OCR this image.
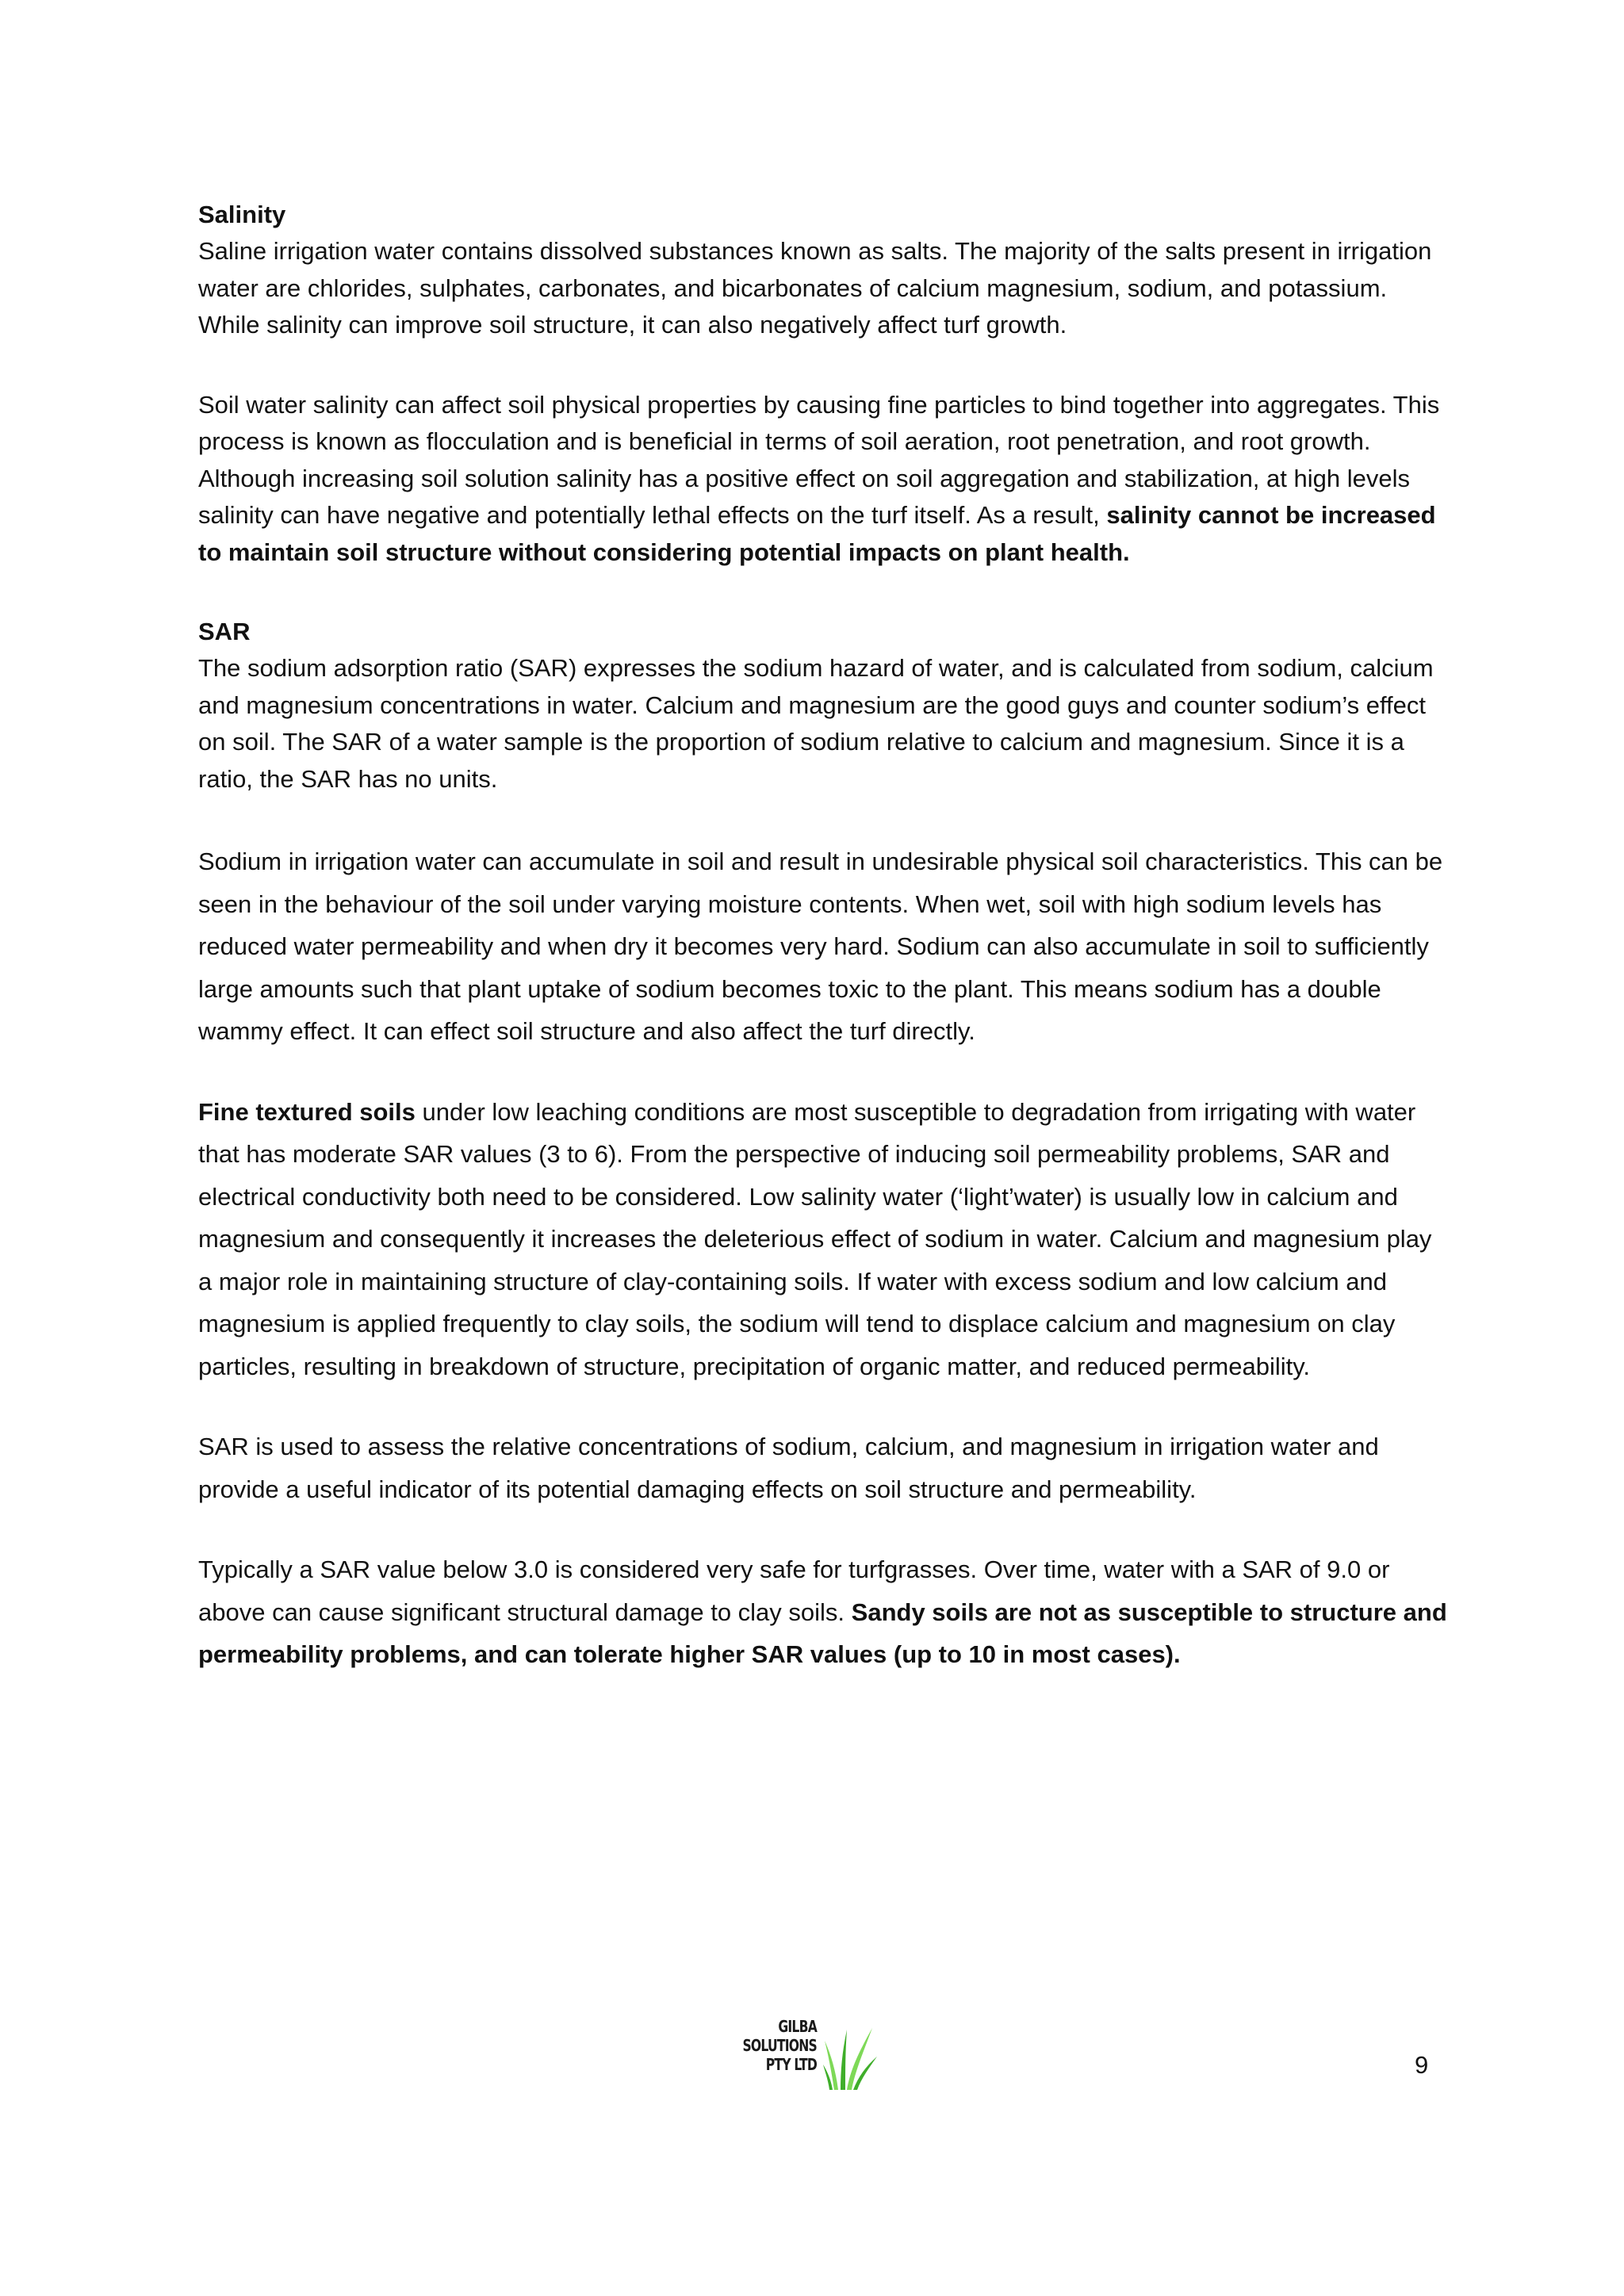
Salinity

Saline irrigation water contains dissolved substances known as salts. The majority of the salts present in irrigation water are chlorides, sulphates, carbonates, and bicarbonates of calcium magnesium, sodium, and potassium. While salinity can improve soil structure, it can also negatively affect turf growth.

Soil water salinity can affect soil physical properties by causing fine particles to bind together into aggregates. This process is known as flocculation and is beneficial in terms of soil aeration, root penetration, and root growth. Although increasing soil solution salinity has a positive effect on soil aggregation and stabilization, at high levels salinity can have negative and potentially lethal effects on the turf itself. As a result, salinity cannot be increased to maintain soil structure without considering potential impacts on plant health.

SAR

The sodium adsorption ratio (SAR) expresses the sodium hazard of water, and is calculated from sodium, calcium and magnesium concentrations in water. Calcium and magnesium are the good guys and counter sodium’s effect on soil. The SAR of a water sample is the proportion of sodium relative to calcium and magnesium. Since it is a ratio, the SAR has no units.

Sodium in irrigation water can accumulate in soil and result in undesirable physical soil characteristics. This can be seen in the behaviour of the soil under varying moisture contents. When wet, soil with high sodium levels has reduced water permeability and when dry it becomes very hard. Sodium can also accumulate in soil to sufficiently large amounts such that plant uptake of sodium becomes toxic to the plant. This means sodium has a double wammy effect. It can effect soil structure and also affect the turf directly.

Fine textured soils under low leaching conditions are most susceptible to degradation from irrigating with water that has moderate SAR values (3 to 6). From the perspective of inducing soil permeability problems, SAR and electrical conductivity both need to be considered. Low salinity water (‘light’water) is usually low in calcium and magnesium and consequently it increases the deleterious effect of sodium in water. Calcium and magnesium play a major role in maintaining structure of clay-containing soils. If water with excess sodium and low calcium and magnesium is applied frequently to clay soils, the sodium will tend to displace calcium and magnesium on clay particles, resulting in breakdown of structure, precipitation of organic matter, and reduced permeability.

SAR is used to assess the relative concentrations of sodium, calcium, and magnesium in irrigation water and provide a useful indicator of its potential damaging effects on soil structure and permeability.

Typically a SAR value below 3.0 is considered very safe for turfgrasses. Over time, water with a SAR of 9.0 or above can cause significant structural damage to clay soils. Sandy soils are not as susceptible to structure and permeability problems, and can tolerate higher SAR values (up to 10 in most cases).

GILBA
SOLUTIONS
PTY LTD	9
